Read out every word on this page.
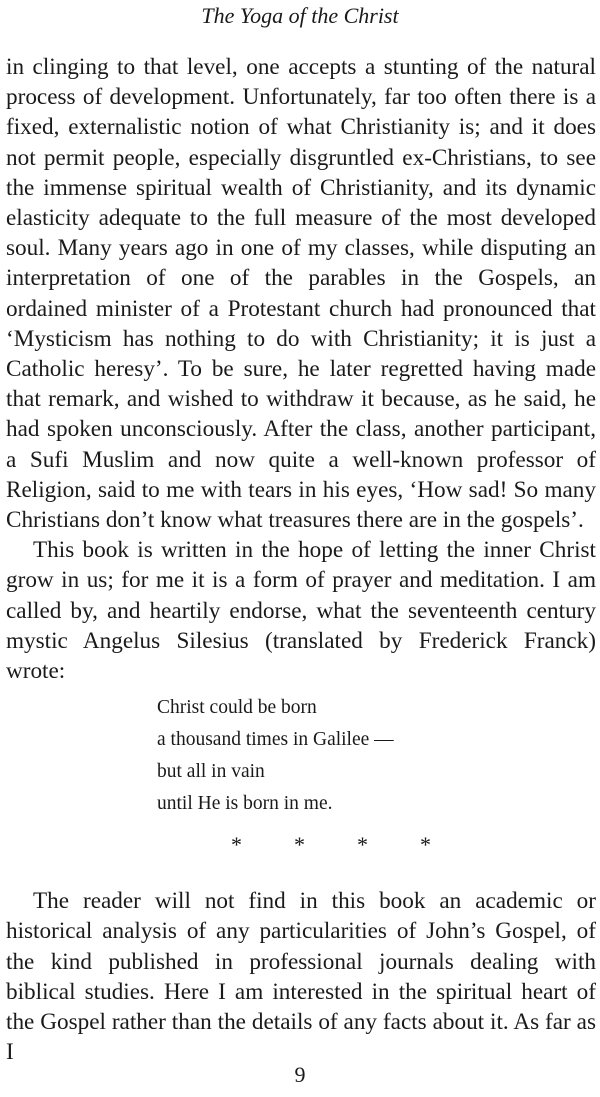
The Yoga of the Christ

in clinging to that level, one accepts a stunting of the natural process of development. Unfortunately, far too often there is a fixed, externalistic notion of what Christianity is; and it does not permit people, especially disgruntled ex-Christians, to see the immense spiritual wealth of Christianity, and its dynamic elasticity adequate to the full measure of the most developed soul. Many years ago in one of my classes, while disputing an interpretation of one of the parables in the Gospels, an ordained minister of a Protestant church had pronounced that ‘Mysticism has nothing to do with Christianity; it is just a Catholic heresy’. To be sure, he later regretted having made that remark, and wished to withdraw it because, as he said, he had spoken unconsciously. After the class, another participant, a Sufi Muslim and now quite a well-known professor of Religion, said to me with tears in his eyes, ‘How sad! So many Christians don’t know what treasures there are in the gospels’.

This book is written in the hope of letting the inner Christ grow in us; for me it is a form of prayer and meditation. I am called by, and heartily endorse, what the seventeenth century mystic Angelus Silesius (translated by Frederick Franck) wrote:

Christ could be born
a thousand times in Galilee —
but all in vain
until He is born in me.
* * * *

The reader will not find in this book an academic or historical analysis of any particularities of John’s Gospel, of the kind published in professional journals dealing with biblical studies. Here I am interested in the spiritual heart of the Gospel rather than the details of any facts about it. As far as I

9
